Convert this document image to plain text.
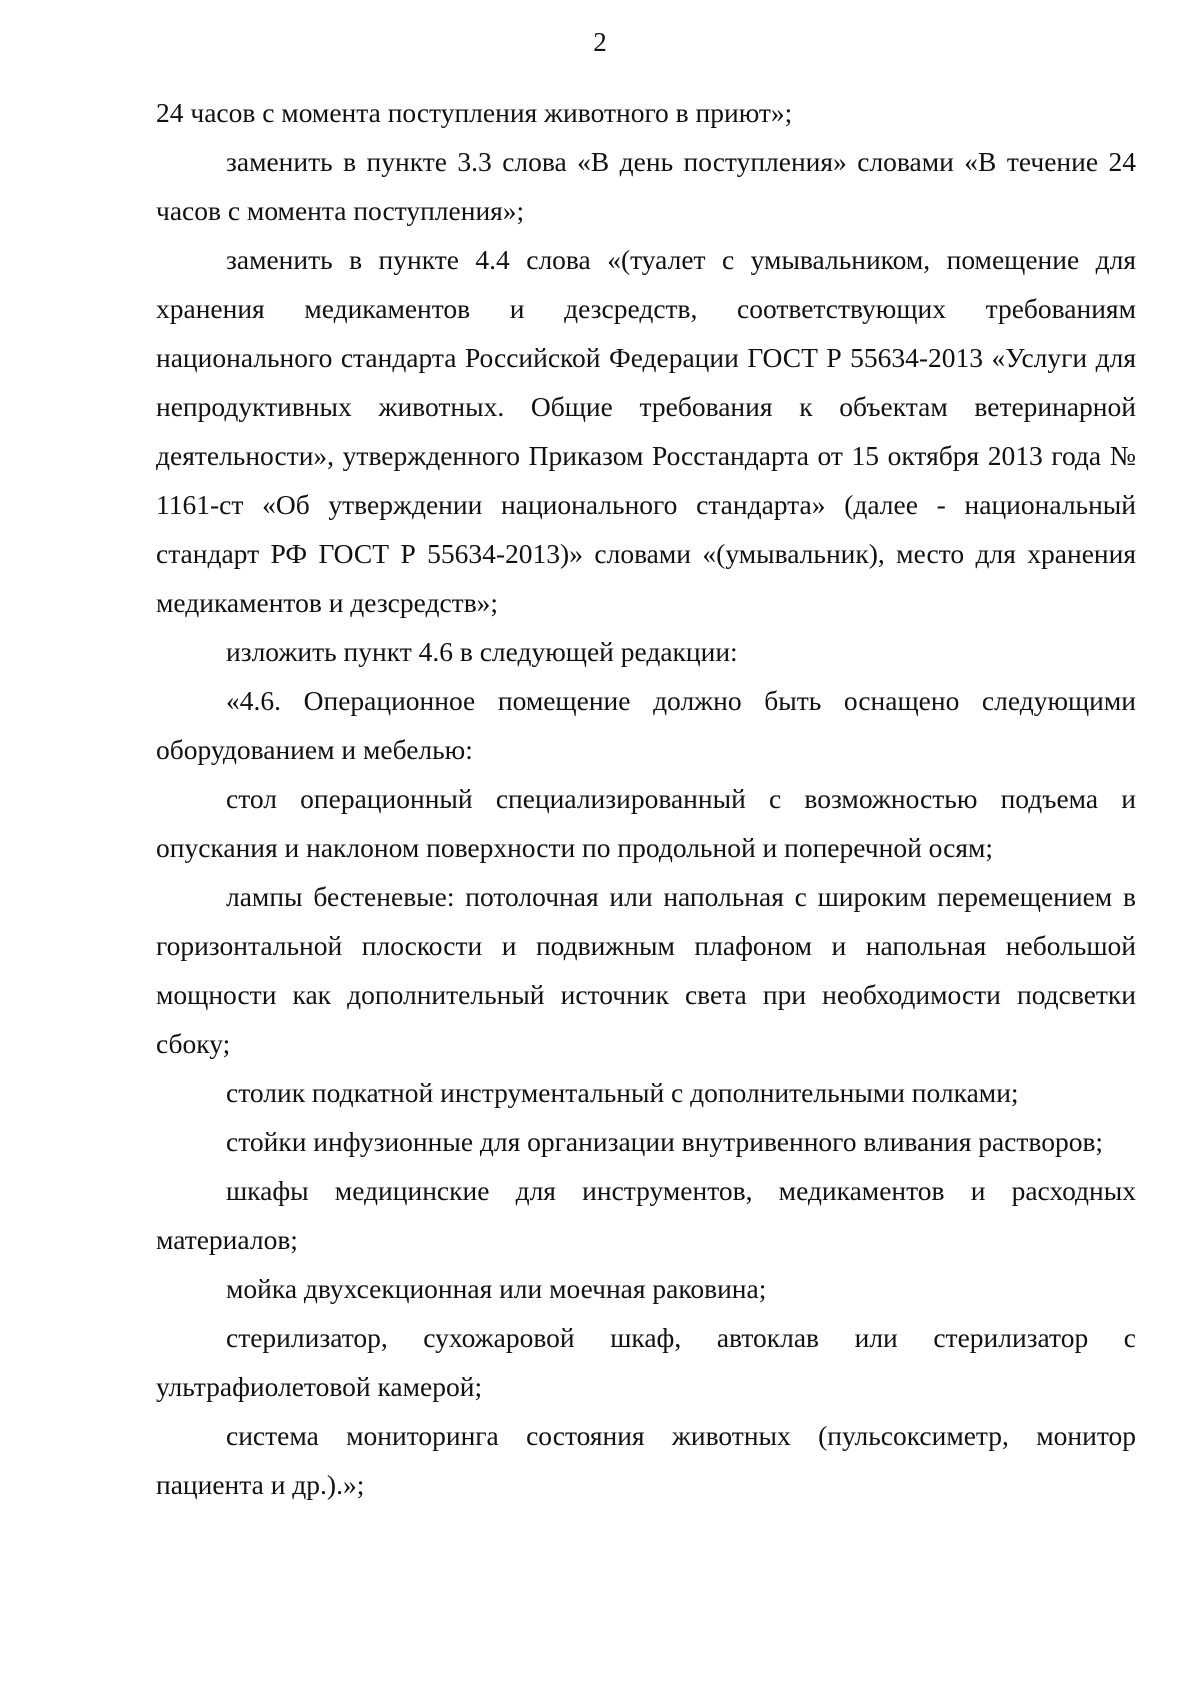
2

24 часов с момента поступления животного в приют»;

заменить в пункте 3.3 слова «В день поступления» словами «В течение 24 часов с момента поступления»;

заменить в пункте 4.4 слова «(туалет с умывальником, помещение для хранения медикаментов и дезсредств, соответствующих требованиям национального стандарта Российской Федерации ГОСТ Р 55634-2013 «Услуги для непродуктивных животных. Общие требования к объектам ветеринарной деятельности», утвержденного Приказом Росстандарта от 15 октября 2013 года № 1161-ст «Об утверждении национального стандарта» (далее - национальный стандарт РФ ГОСТ Р 55634-2013)» словами «(умывальник), место для хранения медикаментов и дезсредств»;

изложить пункт 4.6 в следующей редакции:

«4.6. Операционное помещение должно быть оснащено следующими оборудованием и мебелью:

стол операционный специализированный с возможностью подъема и опускания и наклоном поверхности по продольной и поперечной осям;

лампы бестеневые: потолочная или напольная с широким перемещением в горизонтальной плоскости и подвижным плафоном и напольная небольшой мощности как дополнительный источник света при необходимости подсветки сбоку;

столик подкатной инструментальный с дополнительными полками;

стойки инфузионные для организации внутривенного вливания растворов;

шкафы медицинские для инструментов, медикаментов и расходных материалов;

мойка двухсекционная или моечная раковина;

стерилизатор, сухожаровой шкаф, автоклав или стерилизатор с ультрафиолетовой камерой;

система мониторинга состояния животных (пульсоксиметр, монитор пациента и др.).»;
